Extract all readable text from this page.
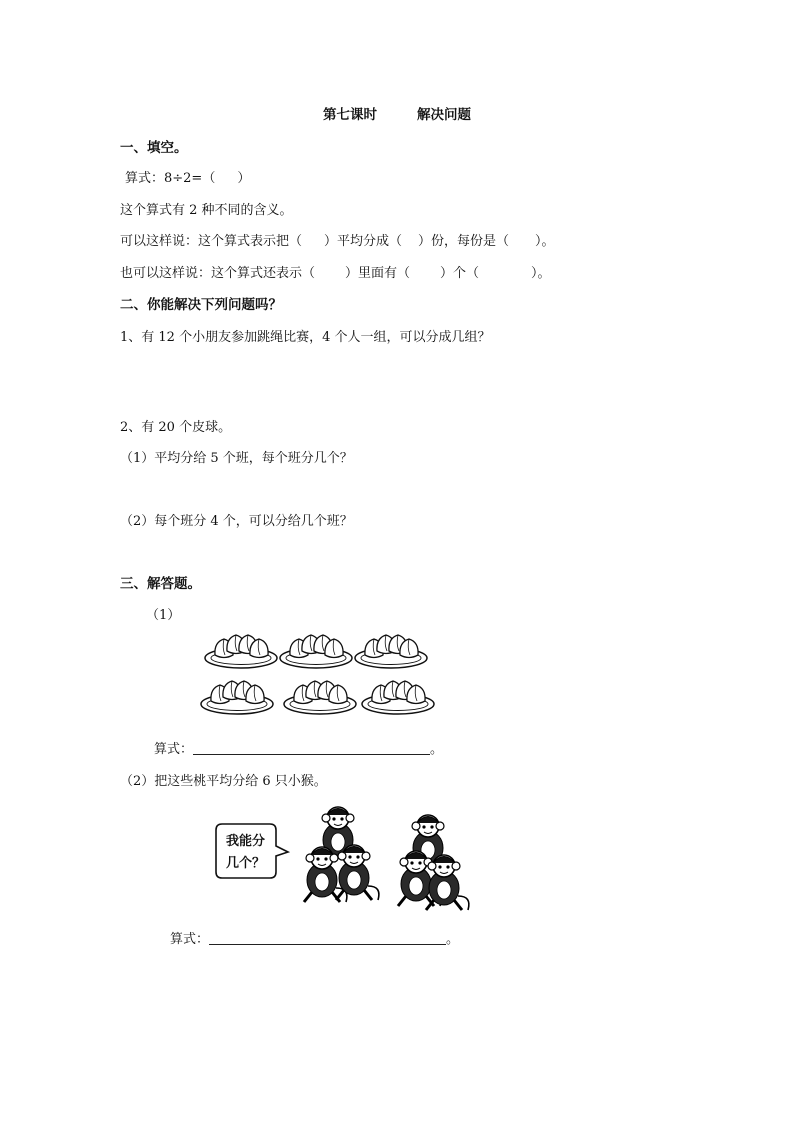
第七课时	解决问题
一、填空。
算式：8÷2=（ ）
这个算式有 2 种不同的含义。
可以这样说：这个算式表示把（ ）平均分成（ ）份，每份是（ ）。
也可以这样说：这个算式还表示（ ）里面有（ ）个（	）。
二、你能解决下列问题吗？
1、有 12 个小朋友参加跳绳比赛，4 个人一组，可以分成几组？
2、有 20 个皮球。
（1）平均分给 5 个班，每个班分几个？
（2）每个班分 4 个，可以分给几个班？
三、解答题。
（1）
算式：	。
（2）把这些桃平均分给 6 只小猴。
我能分
几个？
算式：	。
